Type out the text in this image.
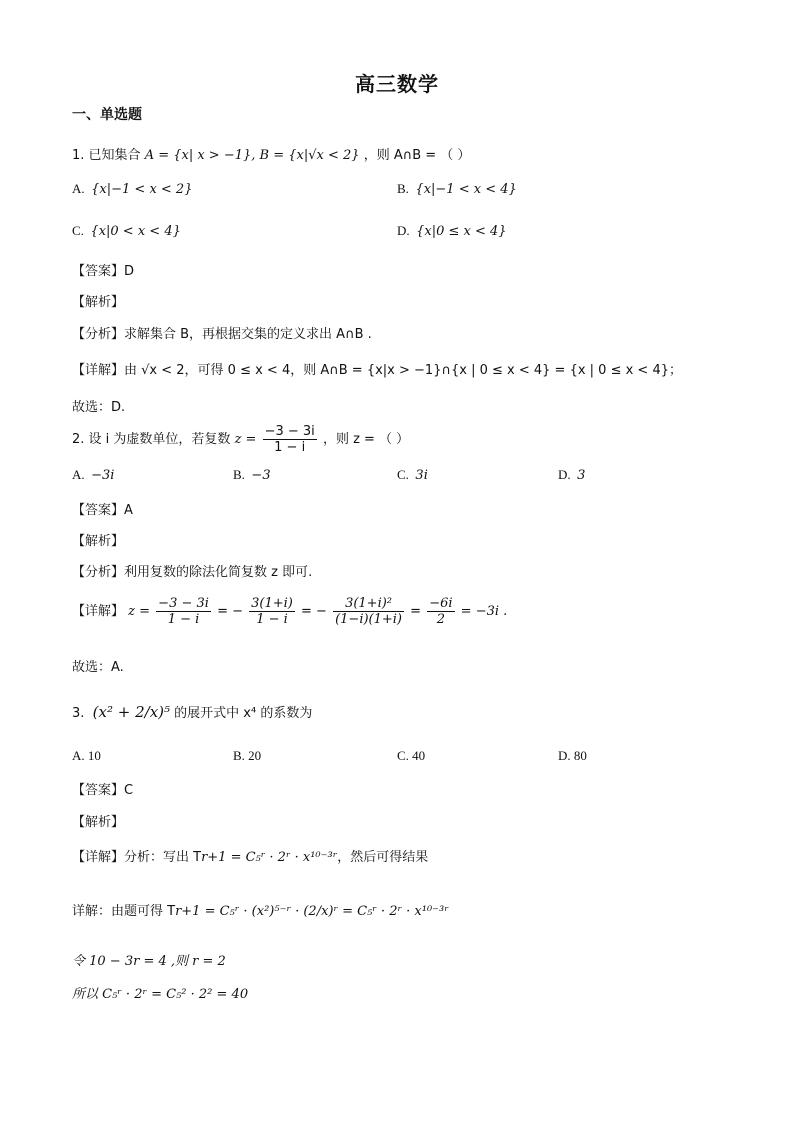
高三数学
一、单选题
1. 已知集合 A = {x| x > −1}, B = {x|√x < 2} ，则 A∩B = （ ）
A. {x|−1 < x < 2}	B. {x|−1 < x < 4}
C. {x|0 < x < 4}	D. {x|0 ≤ x < 4}
【答案】D
【解析】
【分析】求解集合 B，再根据交集的定义求出 A∩B .
【详解】由 √x < 2，可得 0 ≤ x < 4，则 A∩B = {x|x > −1}∩{x | 0 ≤ x < 4} = {x | 0 ≤ x < 4}；
故选：D.
2. 设 i 为虚数单位，若复数 $z = \frac{-3 - 3i}{1 - i}$ ，则 z = （ ）
A. −3i	B. −3	C. 3i	D. 3
【答案】A
【解析】
【分析】利用复数的除法化简复数 z 即可.
【详解】 $z = \frac{-3 - 3i}{1 - i}$ = − $\frac{3(1+i)}{1 - i}$ = − $\frac{\text{3(1+i)²}}{(1-i)(1+i)} = \frac{-6i}{2} = -3i$ .
故选：A.
3. (x² + 2/x)⁵ 的展开式中 x⁴ 的系数为
A. 10	B. 20	C. 40	D. 80
【答案】C
【解析】
【详解】分析：写出 Tr+1 = C₅ʳ · 2ʳ · x¹⁰⁻³ʳ，然后可得结果
详解：由题可得 Tr+1 = C₅ʳ · (x²)⁵⁻ʳ · (2/x)ʳ = C₅ʳ · 2ʳ · x¹⁰⁻³ʳ
令 10 − 3r = 4 ,则 r = 2
所以 C₅ʳ · 2ʳ = C₅² · 2² = 40
